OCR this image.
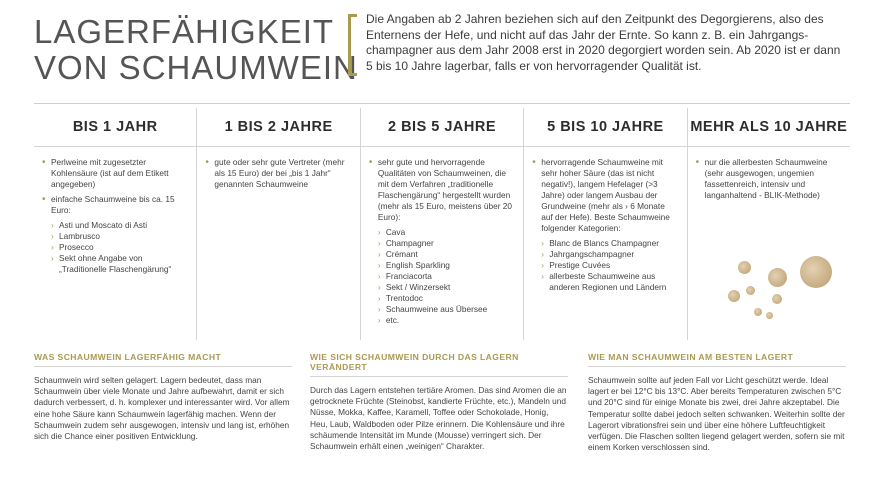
LAGERFÄHIGKEIT
VON SCHAUMWEIN
Die Angaben ab 2 Jahren beziehen sich auf den Zeitpunkt des Degorgierens, also des Enternens der Hefe, und nicht auf das Jahr der Ernte. So kann z. B. ein Jahrgangschampagner aus dem Jahr 2008 erst in 2020 degorgiert worden sein. Ab 2020 ist er dann 5 bis 10 Jahre lagerbar, falls er von hervorragender Qualität ist.
BIS 1 JAHR
• Perlweine mit zugesetzter Kohlensäure (ist auf dem Etikett angegeben)
• einfache Schaumweine bis ca. 15 Euro:
› Asti und Moscato di Asti
› Lambrusco
› Prosecco
› Sekt ohne Angabe von „Traditionelle Flaschengärung“
1 BIS 2 JAHRE
• gute oder sehr gute Vertreter (mehr als 15 Euro) der bei „bis 1 Jahr“ genannten Schaumweine
2 BIS 5 JAHRE
• sehr gute und hervorragende Qualitäten von Schaumweinen, die mit dem Verfahren „traditionelle Flaschengärung“ hergestellt wurden (mehr als 15 Euro, meistens über 20 Euro):
› Cava
› Champagner
› Crémant
› English Sparkling
› Franciacorta
› Sekt / Winzersekt
› Trentodoc
› Schaumweine aus Übersee
› etc.
5 BIS 10 JAHRE
• hervorragende Schaumweine mit sehr hoher Säure (das ist nicht negativ!), langem Hefelager (>3 Jahre) oder langem Ausbau der Grundweine (mehr als › 6 Monate auf der Hefe). Beste Schaumweine folgender Kategorien:
› Blanc de Blancs Champagner
› Jahrgangschampagner
› Prestige Cuvées
› allerbeste Schaumweine aus anderen Regionen und Ländern
MEHR ALS 10 JAHRE
• nur die allerbesten Schaumweine (sehr ausgewogen, ungemien fassettenreich, intensiv und langanhaltend - BLIK-Methode)
WAS SCHAUMWEIN LAGERFÄHIG MACHT

Schaumwein wird selten gelagert. Lagern bedeutet, dass man Schaumwein über viele Monate und Jahre aufbewahrt, damit er sich dadurch verbessert, d. h. komplexer und interessanter wird. Vor allem eine hohe Säure kann Schaumwein lagerfähig machen. Wenn der Schaumwein zudem sehr ausgewogen, intensiv und lang ist, erhöhen sich die Chance einer positiven Entwicklung.

WIE SICH SCHAUMWEIN DURCH DAS LAGERN VERÄNDERT

Durch das Lagern entstehen tertiäre Aromen. Das sind Aromen die an getrocknete Früchte (Steinobst, kandierte Früchte, etc.), Mandeln und Nüsse, Mokka, Kaffee, Karamell, Toffee oder Schokolade, Honig, Heu, Laub, Waldboden oder Pilze erinnern. Die Kohlensäure und ihre schäumende Intensität im Munde (Mousse) verringert sich. Der Schaumwein erhält einen „weinigen“ Charakter.

WIE MAN SCHAUMWEIN AM BESTEN LAGERT

Schaumwein sollte auf jeden Fall vor Licht geschützt werde. Ideal lagert er bei 12°C bis 13°C. Aber bereits Temperaturen zwischen 5°C und 20°C sind für einige Monate bis zwei, drei Jahre akzeptabel. Die Temperatur sollte dabei jedoch selten schwanken. Weiterhin sollte der Lagerort vibrationsfrei sein und über eine höhere Luftfeuchtigkeit verfügen. Die Flaschen sollten liegend gelagert werden, sofern sie mit einem Korken verschlossen sind.
